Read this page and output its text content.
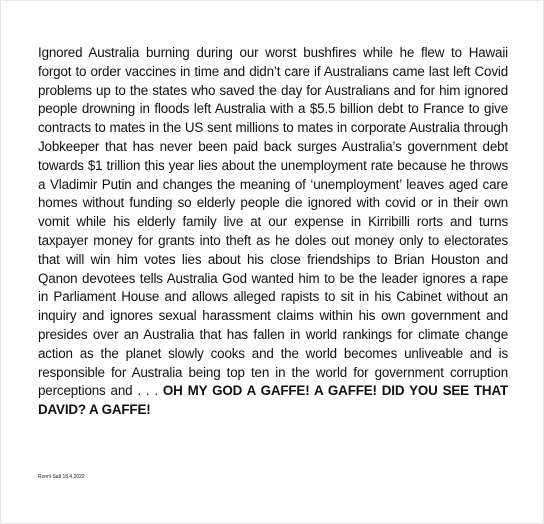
Ignored Australia burning during our worst bushfires while he flew to Hawaii forgot to order vaccines in time and didn’t care if Australians came last left Covid problems up to the states who saved the day for Australians and for him ignored people drowning in floods left Australia with a $5.5 billion debt to France to give contracts to mates in the US sent millions to mates in corporate Australia through Jobkeeper that has never been paid back surges Australia’s government debt towards $1 trillion this year lies about the unemployment rate because he throws a Vladimir Putin and changes the meaning of ‘unemployment’ leaves aged care homes without funding so elderly people die ignored with covid or in their own vomit while his elderly family live at our expense in Kirribilli rorts and turns taxpayer money for grants into theft as he doles out money only to electorates that will win him votes lies about his close friendships to Brian Houston and Qanon devotees tells Australia God wanted him to be the leader ignores a rape in Parliament House and allows alleged rapists to sit in his Cabinet without an inquiry and ignores sexual harassment claims within his own government and presides over an Australia that has fallen in world rankings for climate change action as the planet slowly cooks and the world becomes unliveable and is responsible for Australia being top ten in the world for government corruption perceptions and . . . OH MY GOD A GAFFE! A GAFFE! DID YOU SEE THAT DAVID? A GAFFE!

Ronni Salt 18.4.2022
